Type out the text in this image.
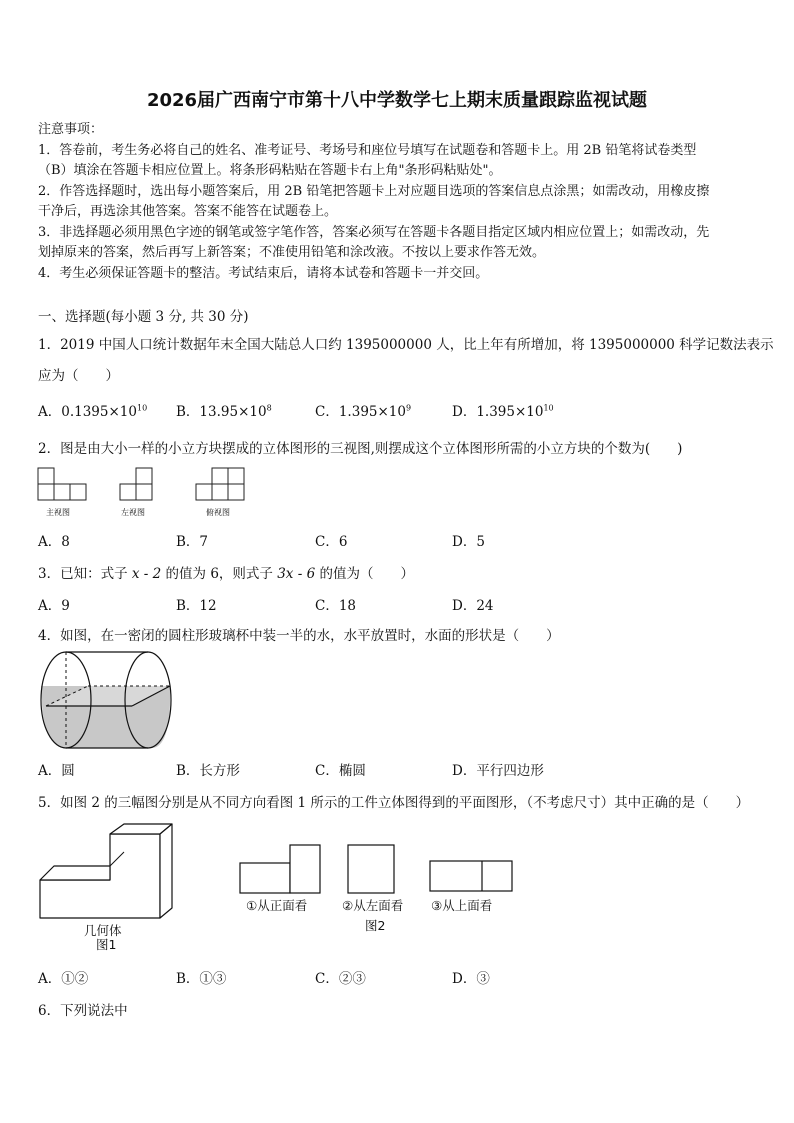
2026届广西南宁市第十八中学数学七上期末质量跟踪监视试题
注意事项：
1．答卷前，考生务必将自己的姓名、准考证号、考场号和座位号填写在试题卷和答题卡上。用 2B 铅笔将试卷类型
（B）填涂在答题卡相应位置上。将条形码粘贴在答题卡右上角"条形码粘贴处"。
2．作答选择题时，选出每小题答案后，用 2B 铅笔把答题卡上对应题目选项的答案信息点涂黑；如需改动，用橡皮擦
干净后，再选涂其他答案。答案不能答在试题卷上。
3．非选择题必须用黑色字迹的钢笔或签字笔作答，答案必须写在答题卡各题目指定区域内相应位置上；如需改动，先
划掉原来的答案，然后再写上新答案；不准使用铅笔和涂改液。不按以上要求作答无效。
4．考生必须保证答题卡的整洁。考试结束后，请将本试卷和答题卡一并交回。
一、选择题(每小题 3 分, 共 30 分)
1．2019 中国人口统计数据年末全国大陆总人口约 1395000000 人，比上年有所增加，将 1395000000 科学记数法表示
应为（　　）
A．$0.1395\times 10^{10}$ B．$13.95\times 10^8$	C．$1.395\times 10^9$	D．$1.395\times 10^{10}$
2．图是由大小一样的小立方块摆成的立体图形的三视图,则摆成这个立体图形所需的小立方块的个数为(　　)
主视图	左视图	俯视图
A．8	B．7	C．6	D．5
3．已知：式子 x - 2 的值为 6，则式子 3x - 6 的值为（　　）
A．9	B．12	C．18	D．24
4．如图，在一密闭的圆柱形玻璃杯中装一半的水，水平放置时，水面的形状是（　　）
A．圆	B．长方形	C．椭圆	D．平行四边形
5．如图 2 的三幅图分别是从不同方向看图 1 所示的工件立体图得到的平面图形，（不考虑尺寸）其中正确的是（　　）
几何体
图1
①从正面看	②从左面看 ③从上面看
图2
A．①②	B．①③	C．②③	D．③
6．下列说法中
